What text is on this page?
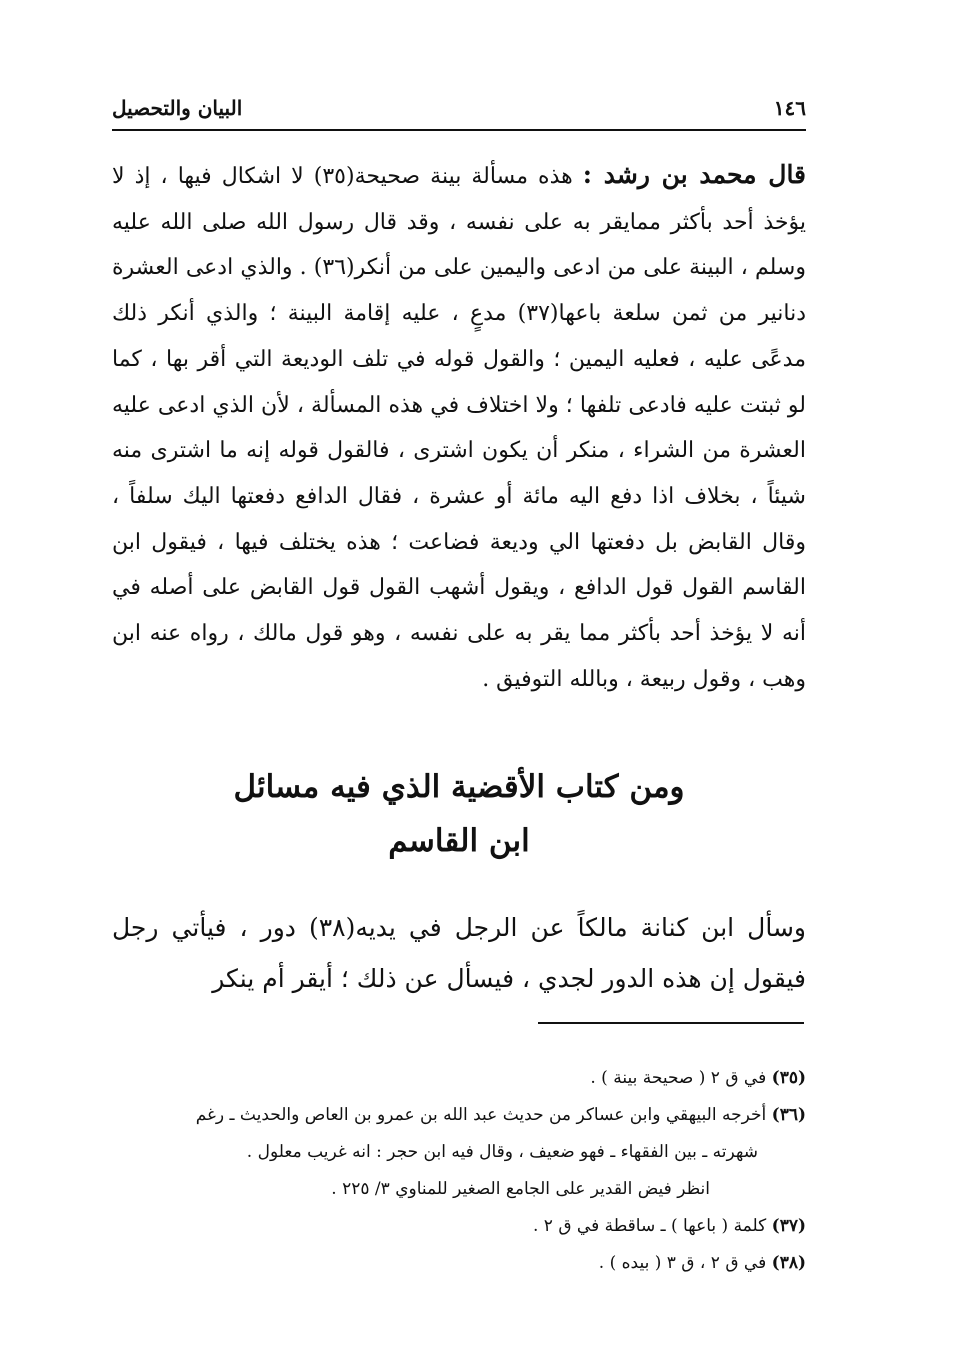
١٤٦
البيان والتحصيل

قال محمد بن رشد : هذه مسألة بينة صحيحة(٣٥) لا اشكال فيها ، إذ لا يؤخذ أحد بأكثر ممايقر به على نفسه ، وقد قال رسول الله صلى الله عليه وسلم ، البينة على من ادعى واليمين على من أنكر(٣٦) . والذي ادعى العشرة دنانير من ثمن سلعة باعها(٣٧) مدعٍ ، عليه إقامة البينة ؛ والذي أنكر ذلك مدعًى عليه ، فعليه اليمين ؛ والقول قوله في تلف الوديعة التي أقر بها ، كما لو ثبتت عليه فادعى تلفها ؛ ولا اختلاف في هذه المسألة ، لأن الذي ادعى عليه العشرة من الشراء ، منكر أن يكون اشترى ، فالقول قوله إنه ما اشترى منه شيئاً ، بخلاف اذا دفع اليه مائة أو عشرة ، فقال الدافع دفعتها اليك سلفاً ، وقال القابض بل دفعتها الي وديعة فضاعت ؛ هذه يختلف فيها ، فيقول ابن القاسم القول قول الدافع ، ويقول أشهب القول قول القابض على أصله في أنه لا يؤخذ أحد بأكثر مما يقر به على نفسه ، وهو قول مالك ، رواه عنه ابن وهب ، وقول ربيعة ، وبالله التوفيق .

ومن كتاب الأقضية الذي فيه مسائل
ابن القاسم

وسأل ابن كنانة مالكاً عن الرجل في يديه(٣٨) دور ، فيأتي رجل فيقول إن هذه الدور لجدي ، فيسأل عن ذلك ؛ أيقر أم ينكر

(٣٥) في ق ٢ ( صحيحة بينة ) .
(٣٦) أخرجه البيهقي وابن عساكر من حديث عبد الله بن عمرو بن العاص والحديث ـ رغم
شهرته ـ بين الفقهاء ـ فهو ضعيف ، وقال فيه ابن حجر : انه غريب معلول .
انظر فيض القدير على الجامع الصغير للمناوي ٣/ ٢٢٥ .
(٣٧) كلمة ( باعها ) ـ ساقطة في ق ٢ .
(٣٨) في ق ٢ ، ق ٣ ( بيده ) .
